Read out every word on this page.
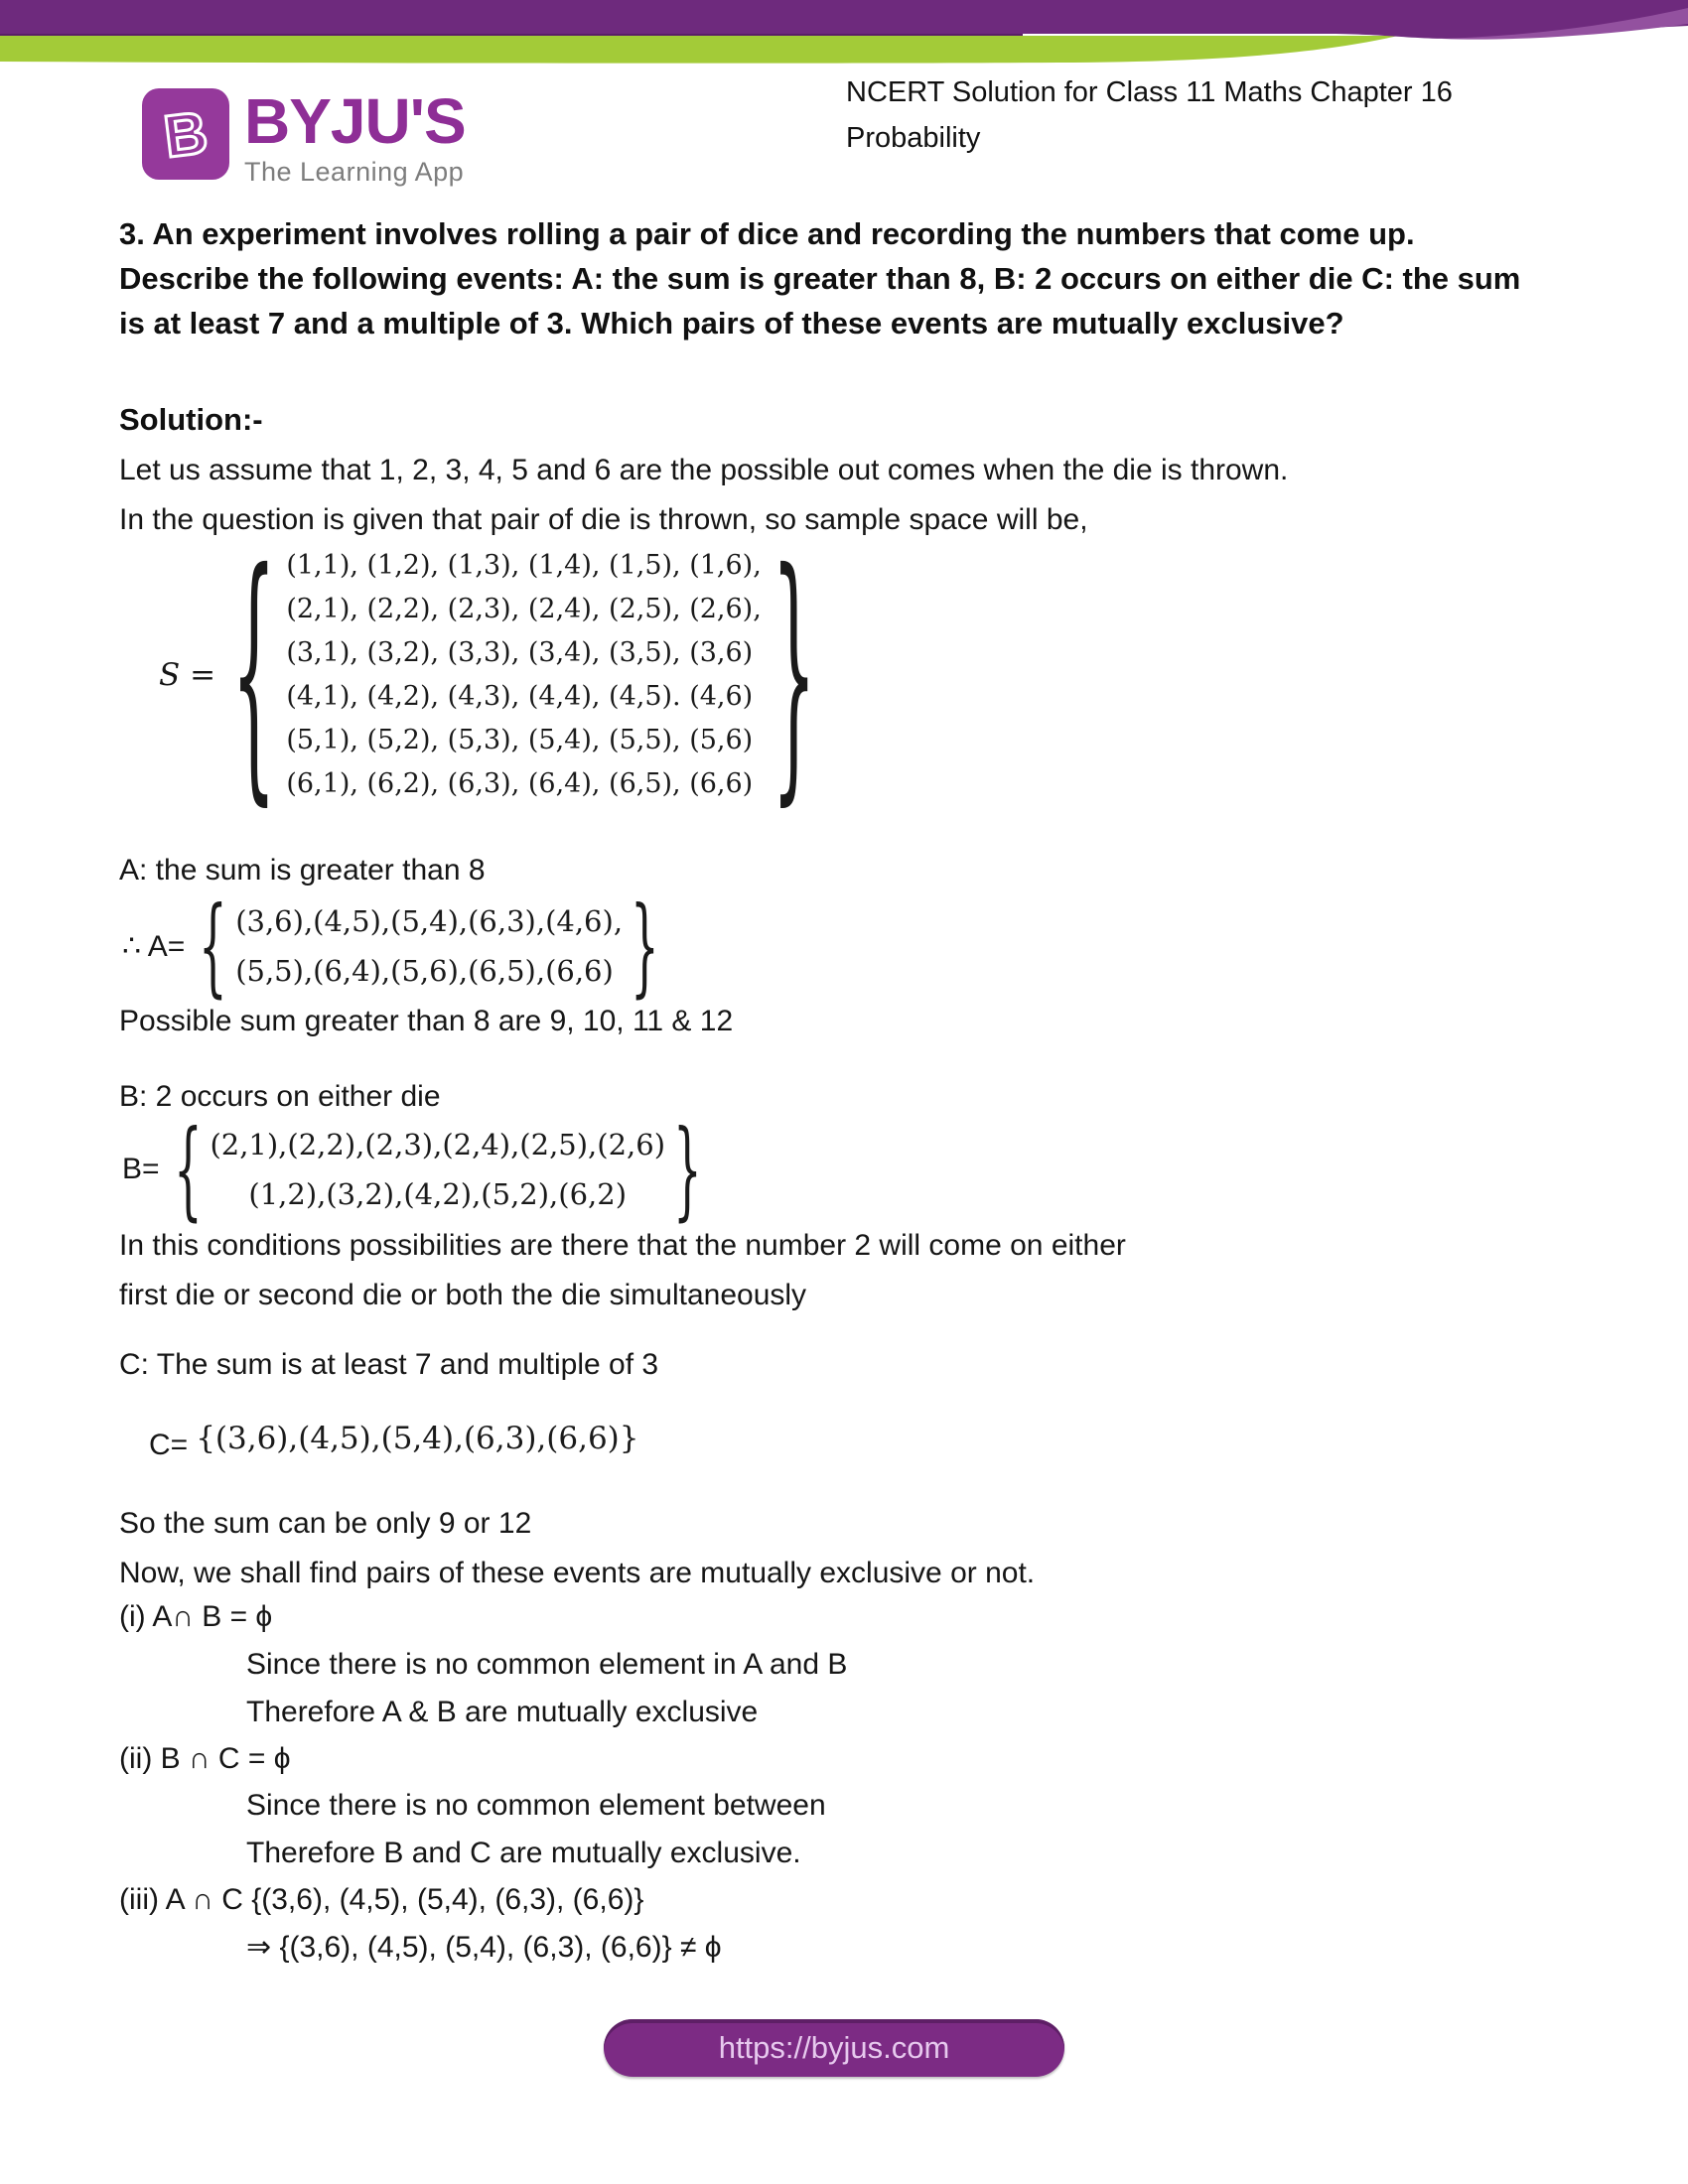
B BYJU'S
The Learning App
NCERT Solution for Class 11 Maths Chapter 16
Probability
3. An experiment involves rolling a pair of dice and recording the numbers that come up. Describe the following events: A: the sum is greater than 8, B: 2 occurs on either die C: the sum is at least 7 and a multiple of 3. Which pairs of these events are mutually exclusive?
Solution:-
Let us assume that 1, 2, 3, 4, 5 and 6 are the possible out comes when the die is thrown.
In the question is given that pair of die is thrown, so sample space will be,
S = { (1,1), (1,2), (1,3), (1,4), (1,5), (1,6),
(2,1), (2,2), (2,3), (2,4), (2,5), (2,6),
(3,1), (3,2), (3,3), (3,4), (3,5), (3,6)
(4,1), (4,2), (4,3), (4,4), (4,5). (4,6)
(5,1), (5,2), (5,3), (5,4), (5,5), (5,6)
(6,1), (6,2), (6,3), (6,4), (6,5), (6,6) }
A: the sum is greater than 8
∴ A= { (3,6),(4,5),(5,4),(6,3),(4,6),
(5,5),(6,4),(5,6),(6,5),(6,6) }
Possible sum greater than 8 are 9, 10, 11 & 12
B: 2 occurs on either die
B= { (2,1),(2,2),(2,3),(2,4),(2,5),(2,6)
(1,2),(3,2),(4,2),(5,2),(6,2) }
In this conditions possibilities are there that the number 2 will come on either
first die or second die or both the die simultaneously
C: The sum is at least 7 and multiple of 3
C= {(3,6),(4,5),(5,4),(6,3),(6,6)}
So the sum can be only 9 or 12
Now, we shall find pairs of these events are mutually exclusive or not.
(i) A∩ B = ϕ
Since there is no common element in A and B
Therefore A & B are mutually exclusive
(ii) B ∩ C = ϕ
Since there is no common element between
Therefore B and C are mutually exclusive.
(iii) A ∩ C {(3,6), (4,5), (5,4), (6,3), (6,6)}
⇒ {(3,6), (4,5), (5,4), (6,3), (6,6)} ≠ ϕ
https://byjus.com
